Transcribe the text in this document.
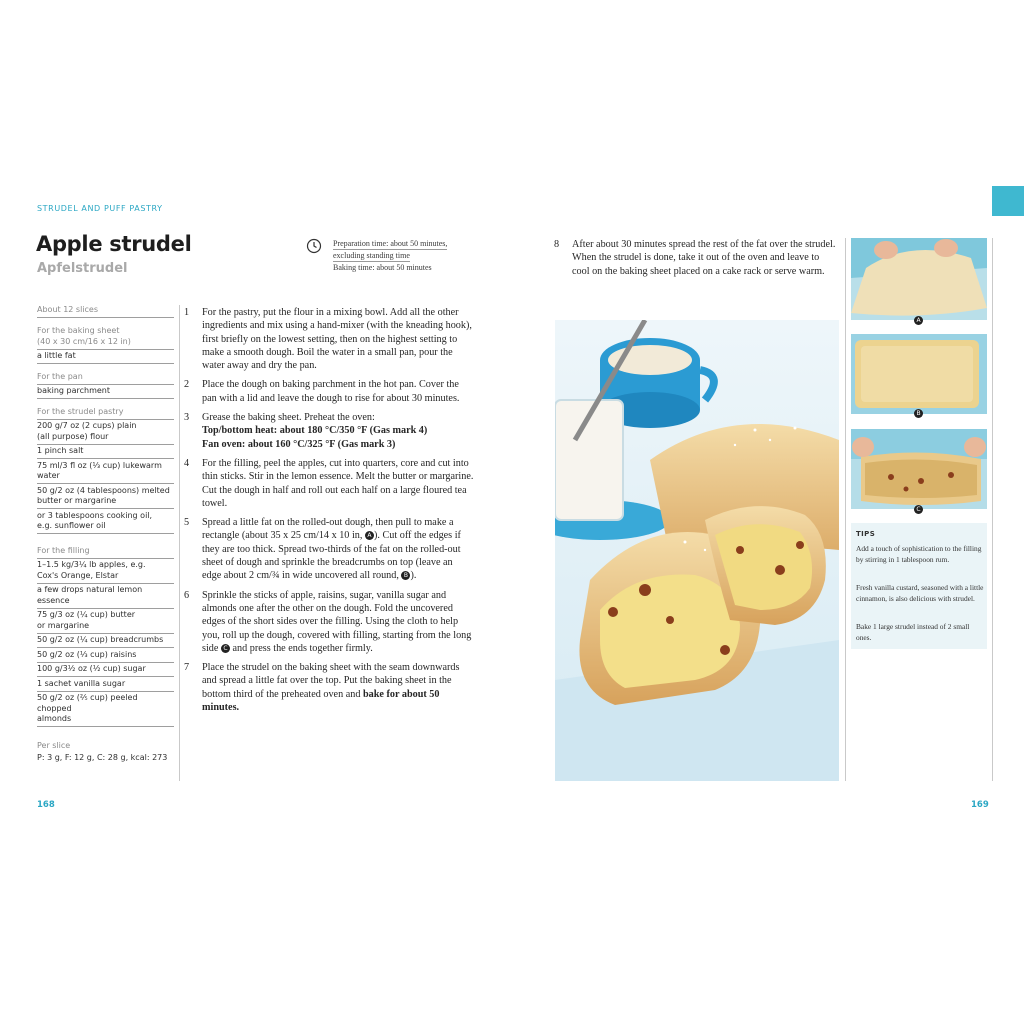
STRUDEL AND PUFF PASTRY
Apple strudel
Apfelstrudel
Preparation time: about 50 minutes,
excluding standing time
Baking time: about 50 minutes
About 12 slices
For the baking sheet
(40 x 30 cm/16 x 12 in)
a little fat
For the pan
baking parchment
For the strudel pastry
200 g/7 oz (2 cups) plain
(all purpose) flour
1 pinch salt
75 ml/3 fl oz (⅓ cup) lukewarm
water
50 g/2 oz (4 tablespoons) melted
butter or margarine
or 3 tablespoons cooking oil,
e.g. sunflower oil
For the filling
1–1.5 kg/3¼ lb apples, e.g.
Cox's Orange, Elstar
a few drops natural lemon essence
75 g/3 oz (¼ cup) butter
or margarine
50 g/2 oz (¼ cup) breadcrumbs
50 g/2 oz (⅓ cup) raisins
100 g/3½ oz (½ cup) sugar
1 sachet vanilla sugar
50 g/2 oz (⅖ cup) peeled chopped
almonds
Per slice
P: 3 g, F: 12 g, C: 28 g, kcal: 273
1	For the pastry, put the flour in a mixing bowl. Add all the other ingredients and mix using a hand-mixer (with the kneading hook), first briefly on the lowest setting, then on the highest setting to make a smooth dough. Boil the water in a small pan, pour the water away and dry the pan.
2	Place the dough on baking parchment in the hot pan. Cover the pan with a lid and leave the dough to rise for about 30 minutes.
3	Grease the baking sheet. Preheat the oven:
Top/bottom heat: about 180 °C/350 °F (Gas mark 4)
Fan oven: about 160 °C/325 °F (Gas mark 3)
4	For the filling, peel the apples, cut into quarters, core and cut into thin sticks. Stir in the lemon essence. Melt the butter or margarine. Cut the dough in half and roll out each half on a large floured tea towel.
5	Spread a little fat on the rolled-out dough, then pull to make a rectangle (about 35 x 25 cm/14 x 10 in, A ). Cut off the edges if they are too thick. Spread two-thirds of the fat on the rolled-out sheet of dough and sprinkle the breadcrumbs on top (leave an edge about 2 cm/¾ in wide uncovered all round, B ).
6	Sprinkle the sticks of apple, raisins, sugar, vanilla sugar and almonds one after the other on the dough. Fold the uncovered edges of the short sides over the filling. Using the cloth to help you, roll up the dough, covered with filling, starting from the long side C and press the ends together firmly.
7	Place the strudel on the baking sheet with the seam downwards and spread a little fat over the top. Put the baking sheet in the bottom third of the preheated oven and bake for about 50 minutes.
8	After about 30 minutes spread the rest of the fat over the strudel. When the strudel is done, take it out of the oven and leave to cool on the baking sheet placed on a cake rack or serve warm.
A
B
C
TIPS

Add a touch of sophistication to the filling by stirring in 1 tablespoon rum.

Fresh vanilla custard, seasoned with a little cinnamon, is also delicious with strudel.

Bake 1 large strudel instead of 2 small ones.

168	169
